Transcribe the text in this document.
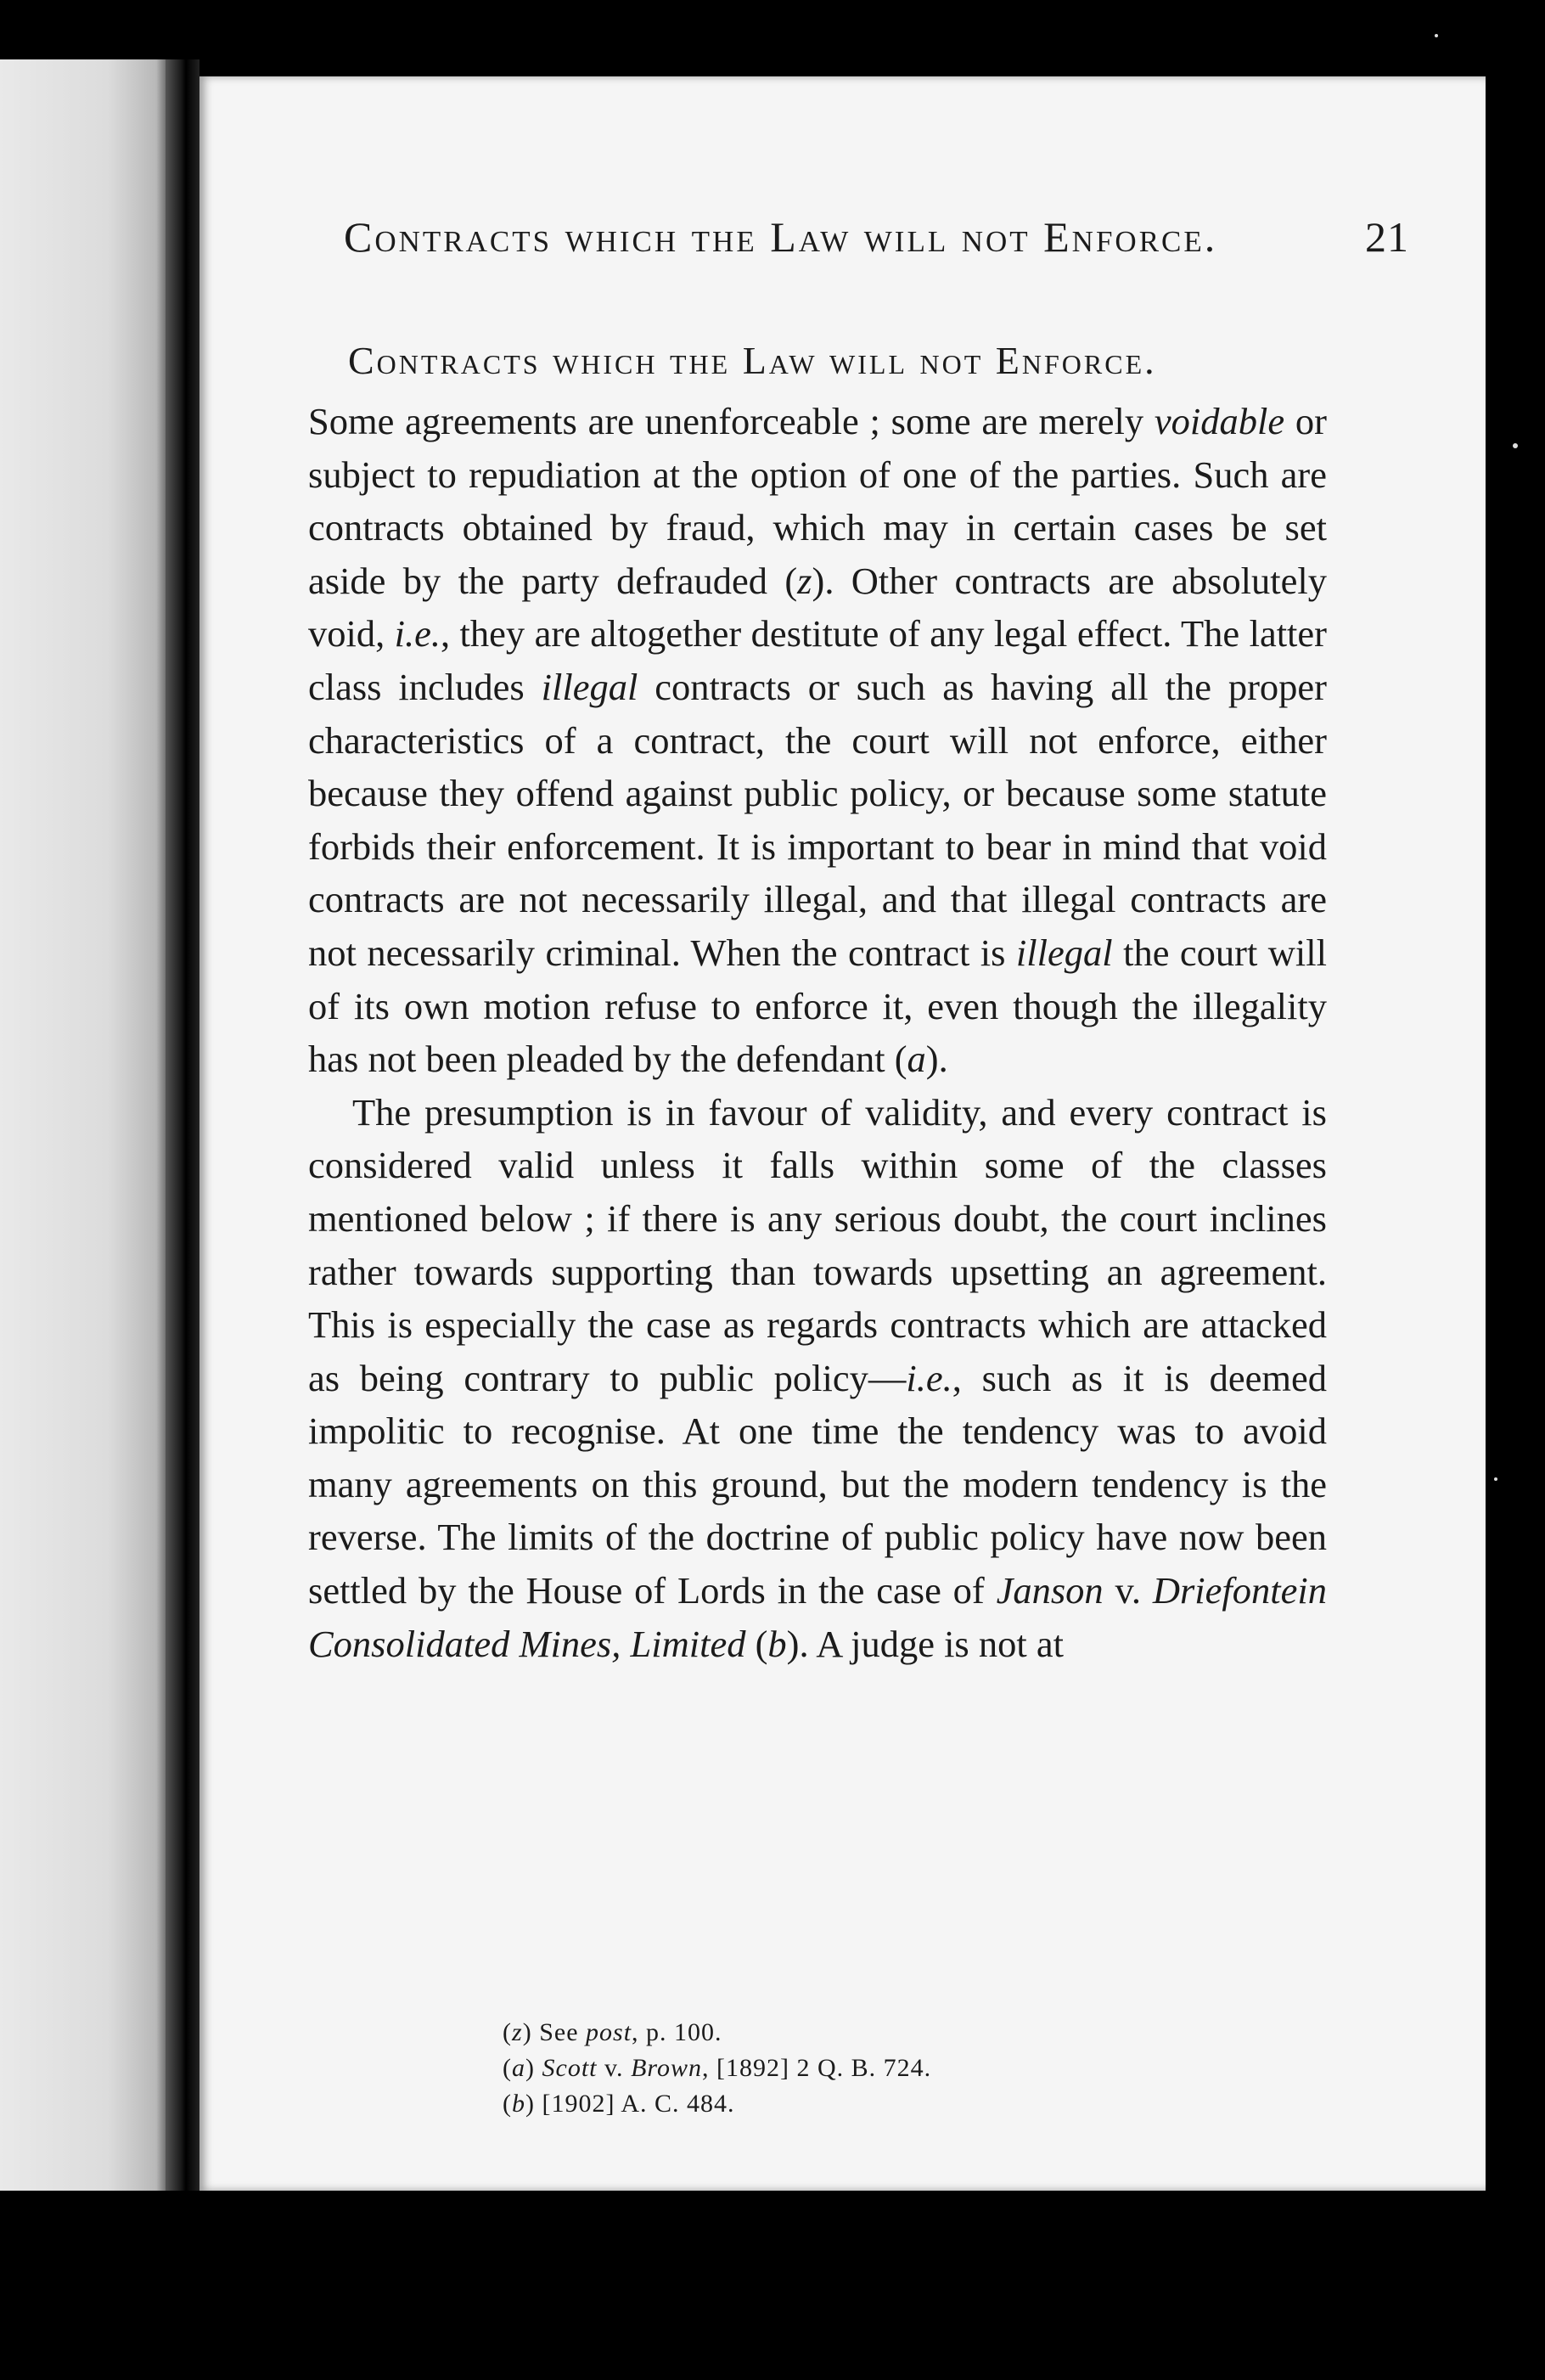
Contracts which the Law will not Enforce.	21
Contracts which the Law will not Enforce.

Some agreements are unenforceable ; some are merely voidable or subject to repudiation at the option of one of the parties. Such are contracts obtained by fraud, which may in certain cases be set aside by the party defrauded (z). Other contracts are absolutely void, i.e., they are altogether destitute of any legal effect. The latter class includes illegal contracts or such as having all the proper characteristics of a contract, the court will not enforce, either because they offend against public policy, or because some statute forbids their enforcement. It is important to bear in mind that void contracts are not necessarily illegal, and that illegal contracts are not necessarily criminal. When the contract is illegal the court will of its own motion refuse to enforce it, even though the illegality has not been pleaded by the defendant (a).

The presumption is in favour of validity, and every contract is considered valid unless it falls within some of the classes mentioned below ; if there is any serious doubt, the court inclines rather towards supporting than towards upsetting an agreement. This is especially the case as regards contracts which are attacked as being contrary to public policy—i.e., such as it is deemed impolitic to recognise. At one time the tendency was to avoid many agreements on this ground, but the modern tendency is the reverse. The limits of the doctrine of public policy have now been settled by the House of Lords in the case of Janson v. Driefontein Consolidated Mines, Limited (b). A judge is not at

(z) See post, p. 100.
(a) Scott v. Brown, [1892] 2 Q. B. 724.
(b) [1902] A. C. 484.
